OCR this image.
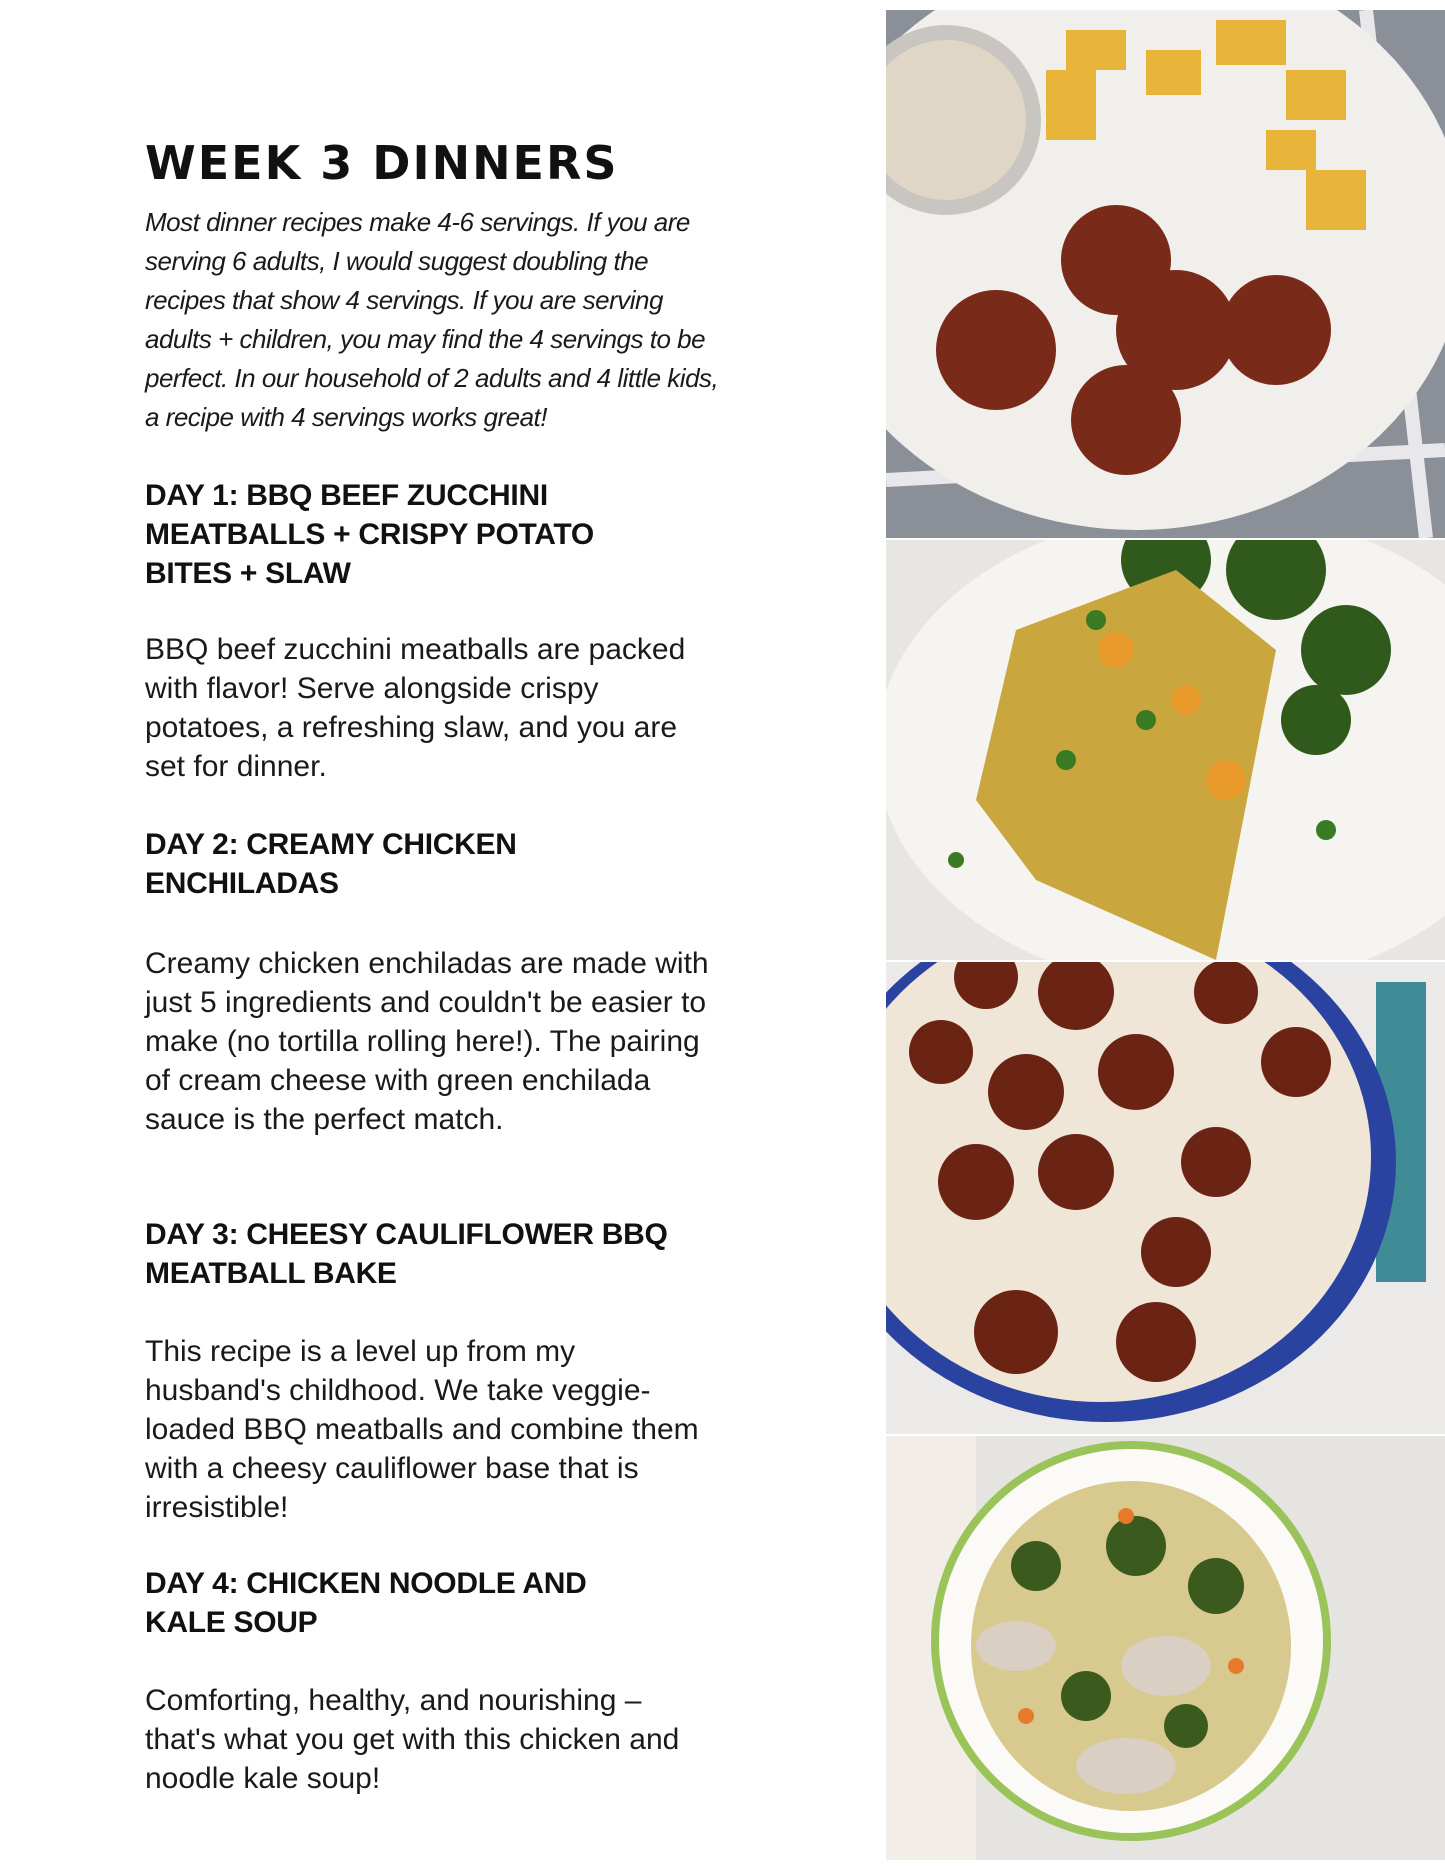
WEEK 3 DINNERS
Most dinner recipes make 4-6 servings. If you are serving 6 adults, I would suggest doubling the recipes that show 4 servings. If you are serving adults + children, you may find the 4 servings to be perfect. In our household of 2 adults and 4 little kids, a recipe with 4 servings works great!
DAY 1: BBQ BEEF ZUCCHINI MEATBALLS + CRISPY POTATO BITES + SLAW
BBQ beef zucchini meatballs are packed with flavor! Serve alongside crispy potatoes, a refreshing slaw, and you are set for dinner.
DAY 2: CREAMY CHICKEN ENCHILADAS
Creamy chicken enchiladas are made with just 5 ingredients and couldn't be easier to make (no tortilla rolling here!). The pairing of cream cheese with green enchilada sauce is the perfect match.
DAY 3: CHEESY CAULIFLOWER BBQ MEATBALL BAKE
This recipe is a level up from my husband's childhood. We take veggie-loaded BBQ meatballs and combine them with a cheesy cauliflower base that is irresistible!
DAY 4: CHICKEN NOODLE AND KALE SOUP
Comforting, healthy, and nourishing – that's what you get with this chicken and noodle kale soup!
